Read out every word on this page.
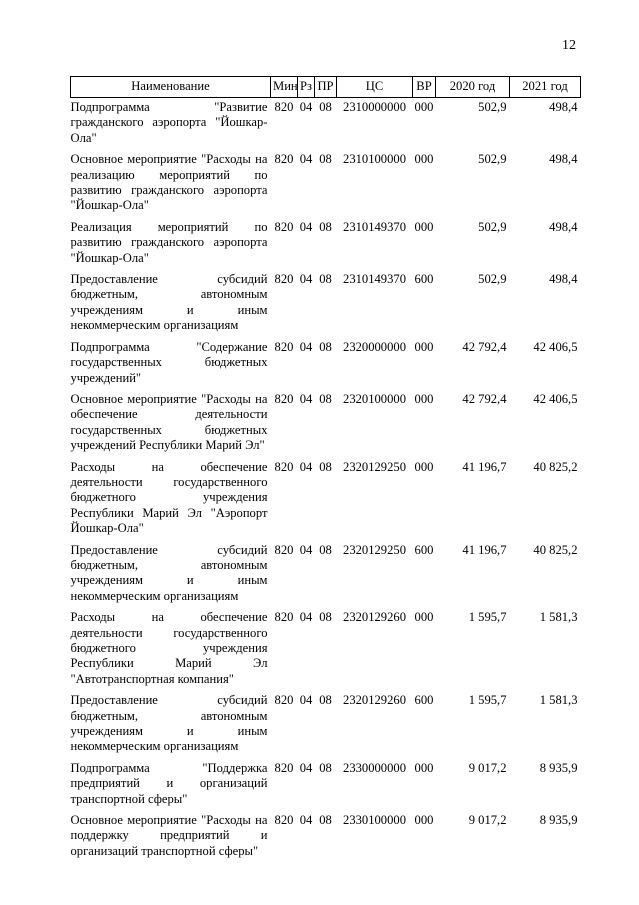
12
Наименование	Мин	Рз	ПР	ЦС	ВР	2020 год	2021 год
Подпрограмма "Развитие гражданского аэропорта "Йошкар-Ола"	820	04	08	2310000000	000	502,9	498,4
Основное мероприятие "Расходы на реализацию мероприятий по развитию гражданского аэропорта "Йошкар-Ола"	820	04	08	2310100000	000	502,9	498,4
Реализация мероприятий по развитию гражданского аэропорта "Йошкар-Ола"	820	04	08	2310149370	000	502,9	498,4
Предоставление субсидий бюджетным, автономным учреждениям и иным некоммерческим организациям	820	04	08	2310149370	600	502,9	498,4
Подпрограмма "Содержание государственных бюджетных учреждений"	820	04	08	2320000000	000	42 792,4	42 406,5
Основное мероприятие "Расходы на обеспечение деятельности государственных бюджетных учреждений Республики Марий Эл"	820	04	08	2320100000	000	42 792,4	42 406,5
Расходы на обеспечение деятельности государственного бюджетного учреждения Республики Марий Эл "Аэропорт Йошкар-Ола"	820	04	08	2320129250	000	41 196,7	40 825,2
Предоставление субсидий бюджетным, автономным учреждениям и иным некоммерческим организациям	820	04	08	2320129250	600	41 196,7	40 825,2
Расходы на обеспечение деятельности государственного бюджетного учреждения Республики Марий Эл "Автотранспортная компания"	820	04	08	2320129260	000	1 595,7	1 581,3
Предоставление субсидий бюджетным, автономным учреждениям и иным некоммерческим организациям	820	04	08	2320129260	600	1 595,7	1 581,3
Подпрограмма "Поддержка предприятий и организаций транспортной сферы"	820	04	08	2330000000	000	9 017,2	8 935,9
Основное мероприятие "Расходы на поддержку предприятий и организаций транспортной сферы"	820	04	08	2330100000	000	9 017,2	8 935,9
